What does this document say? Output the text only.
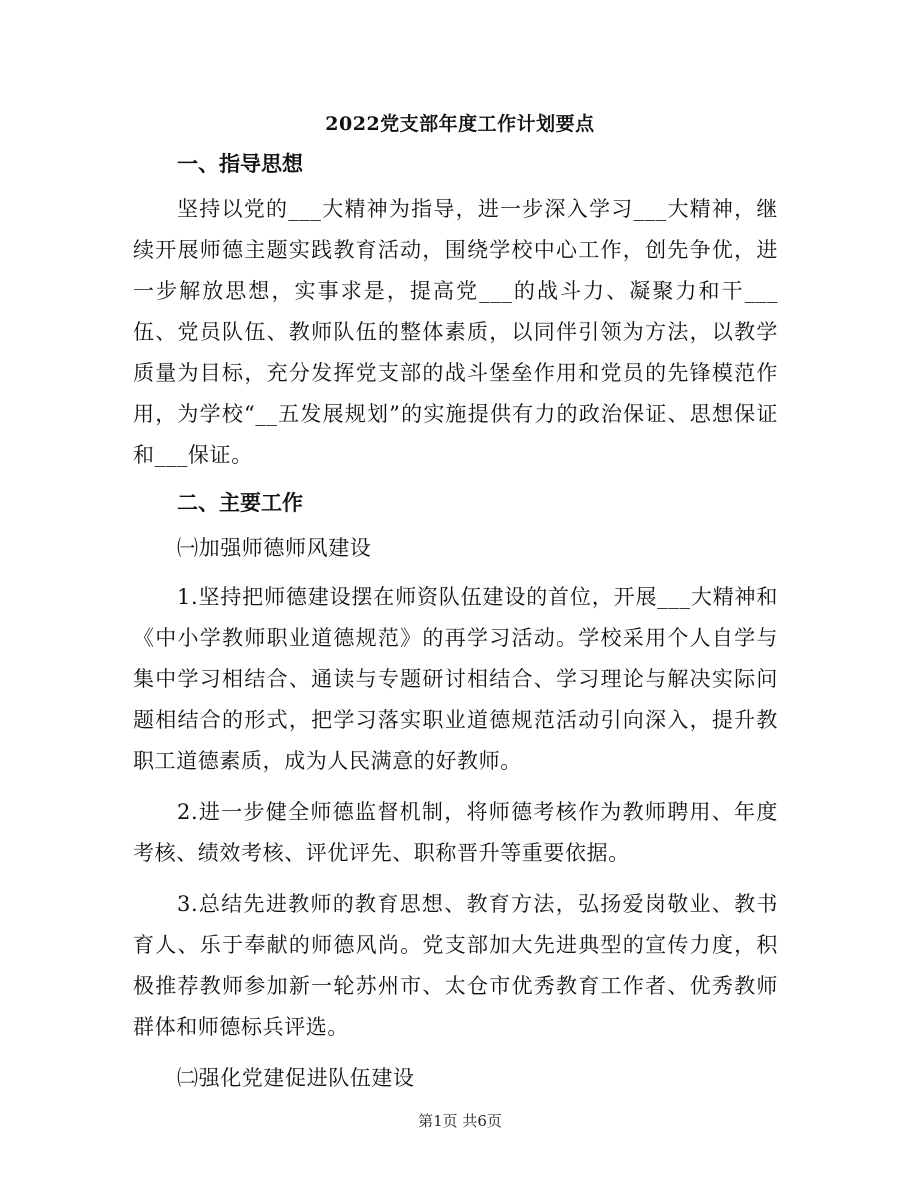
2022党支部年度工作计划要点
一、指导思想

坚持以党的___大精神为指导，进一步深入学习___大精神，继续开展师德主题实践教育活动，围绕学校中心工作，创先争优，进一步解放思想，实事求是，提高党___的战斗力、凝聚力和干___伍、党员队伍、教师队伍的整体素质，以同伴引领为方法，以教学质量为目标，充分发挥党支部的战斗堡垒作用和党员的先锋模范作用，为学校“__五发展规划”的实施提供有力的政治保证、思想保证和___保证。

二、主要工作
㈠加强师德师风建设

1.坚持把师德建设摆在师资队伍建设的首位，开展___大精神和《中小学教师职业道德规范》的再学习活动。学校采用个人自学与集中学习相结合、通读与专题研讨相结合、学习理论与解决实际问题相结合的形式，把学习落实职业道德规范活动引向深入，提升教职工道德素质，成为人民满意的好教师。

2.进一步健全师德监督机制，将师德考核作为教师聘用、年度考核、绩效考核、评优评先、职称晋升等重要依据。

3.总结先进教师的教育思想、教育方法，弘扬爱岗敬业、教书育人、乐于奉献的师德风尚。党支部加大先进典型的宣传力度，积极推荐教师参加新一轮苏州市、太仓市优秀教育工作者、优秀教师群体和师德标兵评选。

㈡强化党建促进队伍建设
第1页 共6页
